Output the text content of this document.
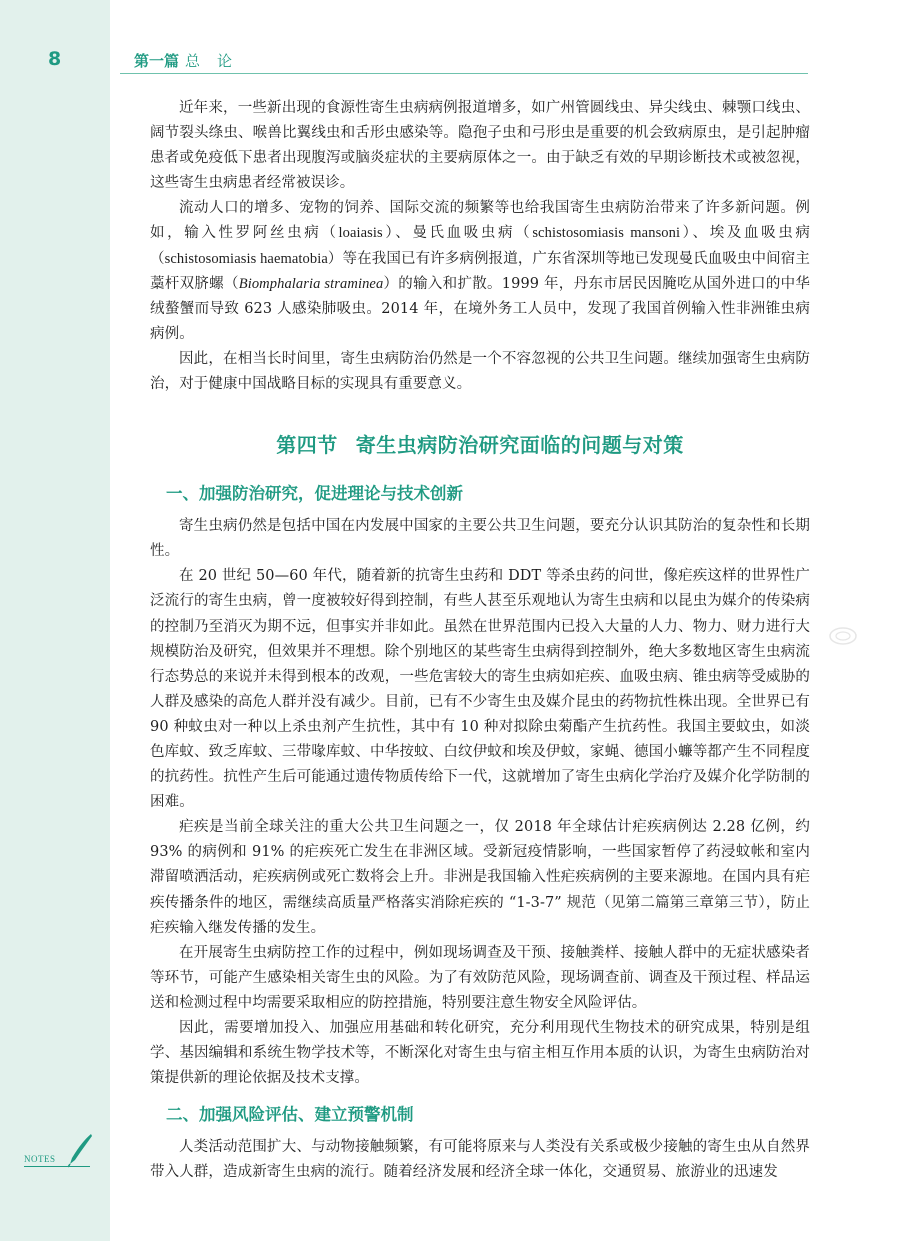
8	第一篇 总　论

近年来，一些新出现的食源性寄生虫病病例报道增多，如广州管圆线虫、异尖线虫、棘颚口线虫、阔节裂头绦虫、喉兽比翼线虫和舌形虫感染等。隐孢子虫和弓形虫是重要的机会致病原虫，是引起肿瘤患者或免疫低下患者出现腹泻或脑炎症状的主要病原体之一。由于缺乏有效的早期诊断技术或被忽视，这些寄生虫病患者经常被误诊。

流动人口的增多、宠物的饲养、国际交流的频繁等也给我国寄生虫病防治带来了许多新问题。例如，输入性罗阿丝虫病（loaiasis）、曼氏血吸虫病（schistosomiasis mansoni）、埃及血吸虫病（schistosomiasis haematobia）等在我国已有许多病例报道，广东省深圳等地已发现曼氏血吸虫中间宿主藁杆双脐螺（Biomphalaria straminea）的输入和扩散。1999 年，丹东市居民因腌吃从国外进口的中华绒螯蟹而导致 623 人感染肺吸虫。2014 年，在境外务工人员中，发现了我国首例输入性非洲锥虫病病例。

因此，在相当长时间里，寄生虫病防治仍然是一个不容忽视的公共卫生问题。继续加强寄生虫病防治，对于健康中国战略目标的实现具有重要意义。

第四节 寄生虫病防治研究面临的问题与对策
一、加强防治研究，促进理论与技术创新

寄生虫病仍然是包括中国在内发展中国家的主要公共卫生问题，要充分认识其防治的复杂性和长期性。

在 20 世纪 50—60 年代，随着新的抗寄生虫药和 DDT 等杀虫药的问世，像疟疾这样的世界性广泛流行的寄生虫病，曾一度被较好得到控制，有些人甚至乐观地认为寄生虫病和以昆虫为媒介的传染病的控制乃至消灭为期不远，但事实并非如此。虽然在世界范围内已投入大量的人力、物力、财力进行大规模防治及研究，但效果并不理想。除个别地区的某些寄生虫病得到控制外，绝大多数地区寄生虫病流行态势总的来说并未得到根本的改观，一些危害较大的寄生虫病如疟疾、血吸虫病、锥虫病等受威胁的人群及感染的高危人群并没有减少。目前，已有不少寄生虫及媒介昆虫的药物抗性株出现。全世界已有 90 种蚊虫对一种以上杀虫剂产生抗性，其中有 10 种对拟除虫菊酯产生抗药性。我国主要蚊虫，如淡色库蚊、致乏库蚊、三带喙库蚊、中华按蚊、白纹伊蚊和埃及伊蚊，家蝇、德国小蠊等都产生不同程度的抗药性。抗性产生后可能通过遗传物质传给下一代，这就增加了寄生虫病化学治疗及媒介化学防制的困难。

疟疾是当前全球关注的重大公共卫生问题之一，仅 2018 年全球估计疟疾病例达 2.28 亿例，约 93% 的病例和 91% 的疟疾死亡发生在非洲区域。受新冠疫情影响，一些国家暂停了药浸蚊帐和室内滞留喷洒活动，疟疾病例或死亡数将会上升。非洲是我国输入性疟疾病例的主要来源地。在国内具有疟疾传播条件的地区，需继续高质量严格落实消除疟疾的 “1-3-7” 规范（见第二篇第三章第三节），防止疟疾输入继发传播的发生。

在开展寄生虫病防控工作的过程中，例如现场调查及干预、接触粪样、接触人群中的无症状感染者等环节，可能产生感染相关寄生虫的风险。为了有效防范风险，现场调查前、调查及干预过程、样品运送和检测过程中均需要采取相应的防控措施，特别要注意生物安全风险评估。

因此，需要增加投入、加强应用基础和转化研究，充分利用现代生物技术的研究成果，特别是组学、基因编辑和系统生物学技术等，不断深化对寄生虫与宿主相互作用本质的认识，为寄生虫病防治对策提供新的理论依据及技术支撑。

二、加强风险评估、建立预警机制

人类活动范围扩大、与动物接触频繁，有可能将原来与人类没有关系或极少接触的寄生虫从自然界带入人群，造成新寄生虫病的流行。随着经济发展和经济全球一体化，交通贸易、旅游业的迅速发

NOTES
